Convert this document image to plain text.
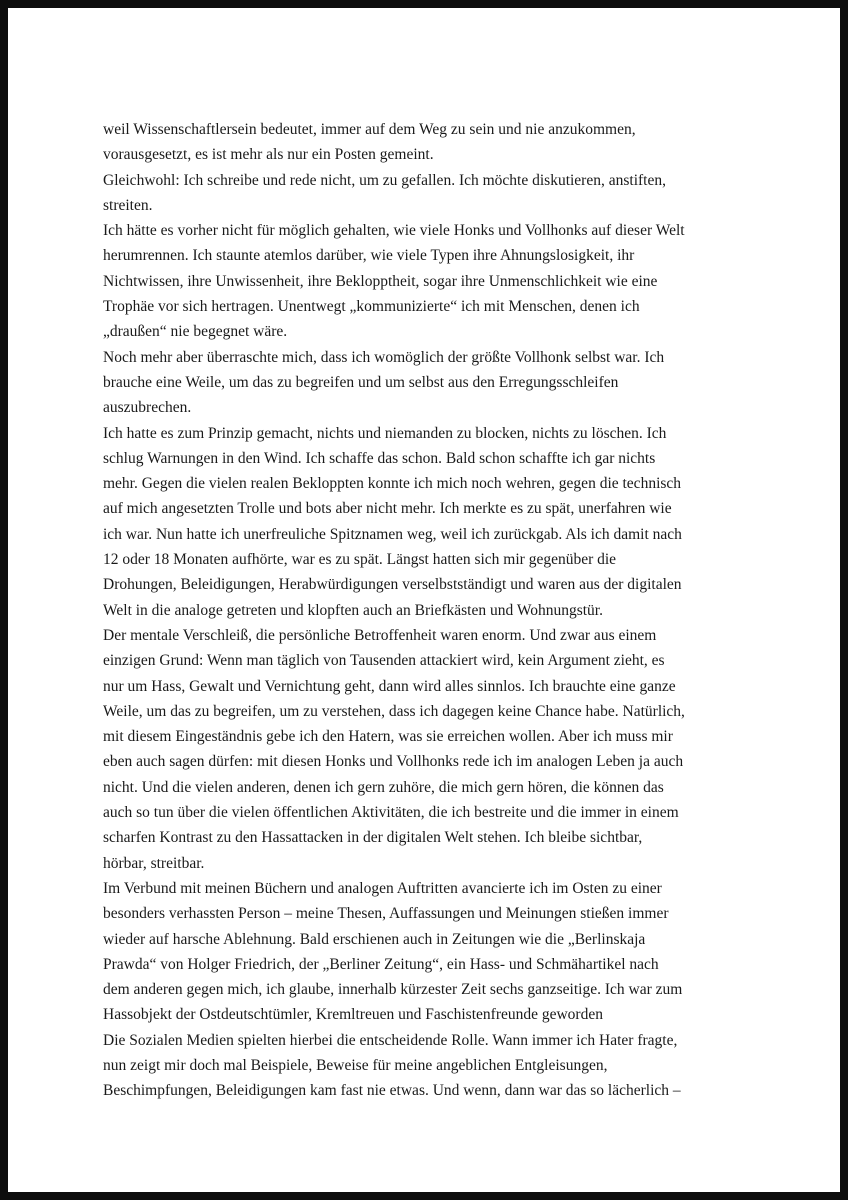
weil Wissenschaftlersein bedeutet, immer auf dem Weg zu sein und nie anzukommen,
vorausgesetzt, es ist mehr als nur ein Posten gemeint.
Gleichwohl: Ich schreibe und rede nicht, um zu gefallen. Ich möchte diskutieren, anstiften,
streiten.
Ich hätte es vorher nicht für möglich gehalten, wie viele Honks und Vollhonks auf dieser Welt
herumrennen. Ich staunte atemlos darüber, wie viele Typen ihre Ahnungslosigkeit, ihr
Nichtwissen, ihre Unwissenheit, ihre Beklopptheit, sogar ihre Unmenschlichkeit wie eine
Trophäe vor sich hertragen. Unentwegt „kommunizierte“ ich mit Menschen, denen ich
„draußen“ nie begegnet wäre.
Noch mehr aber überraschte mich, dass ich womöglich der größte Vollhonk selbst war. Ich
brauche eine Weile, um das zu begreifen und um selbst aus den Erregungsschleifen
auszubrechen.
Ich hatte es zum Prinzip gemacht, nichts und niemanden zu blocken, nichts zu löschen. Ich
schlug Warnungen in den Wind. Ich schaffe das schon. Bald schon schaffte ich gar nichts
mehr. Gegen die vielen realen Bekloppten konnte ich mich noch wehren, gegen die technisch
auf mich angesetzten Trolle und bots aber nicht mehr. Ich merkte es zu spät, unerfahren wie
ich war. Nun hatte ich unerfreuliche Spitznamen weg, weil ich zurückgab. Als ich damit nach
12 oder 18 Monaten aufhörte, war es zu spät. Längst hatten sich mir gegenüber die
Drohungen, Beleidigungen, Herabwürdigungen verselbstständigt und waren aus der digitalen
Welt in die analoge getreten und klopften auch an Briefkästen und Wohnungstür.
Der mentale Verschleiß, die persönliche Betroffenheit waren enorm. Und zwar aus einem
einzigen Grund: Wenn man täglich von Tausenden attackiert wird, kein Argument zieht, es
nur um Hass, Gewalt und Vernichtung geht, dann wird alles sinnlos. Ich brauchte eine ganze
Weile, um das zu begreifen, um zu verstehen, dass ich dagegen keine Chance habe. Natürlich,
mit diesem Eingeständnis gebe ich den Hatern, was sie erreichen wollen. Aber ich muss mir
eben auch sagen dürfen: mit diesen Honks und Vollhonks rede ich im analogen Leben ja auch
nicht. Und die vielen anderen, denen ich gern zuhöre, die mich gern hören, die können das
auch so tun über die vielen öffentlichen Aktivitäten, die ich bestreite und die immer in einem
scharfen Kontrast zu den Hassattacken in der digitalen Welt stehen. Ich bleibe sichtbar,
hörbar, streitbar.
Im Verbund mit meinen Büchern und analogen Auftritten avancierte ich im Osten zu einer
besonders verhassten Person – meine Thesen, Auffassungen und Meinungen stießen immer
wieder auf harsche Ablehnung. Bald erschienen auch in Zeitungen wie die „Berlinskaja
Prawda“ von Holger Friedrich, der „Berliner Zeitung“, ein Hass- und Schmähartikel nach
dem anderen gegen mich, ich glaube, innerhalb kürzester Zeit sechs ganzseitige. Ich war zum
Hassobjekt der Ostdeutschtümler, Kremltreuen und Faschistenfreunde geworden
Die Sozialen Medien spielten hierbei die entscheidende Rolle. Wann immer ich Hater fragte,
nun zeigt mir doch mal Beispiele, Beweise für meine angeblichen Entgleisungen,
Beschimpfungen, Beleidigungen kam fast nie etwas. Und wenn, dann war das so lächerlich –
